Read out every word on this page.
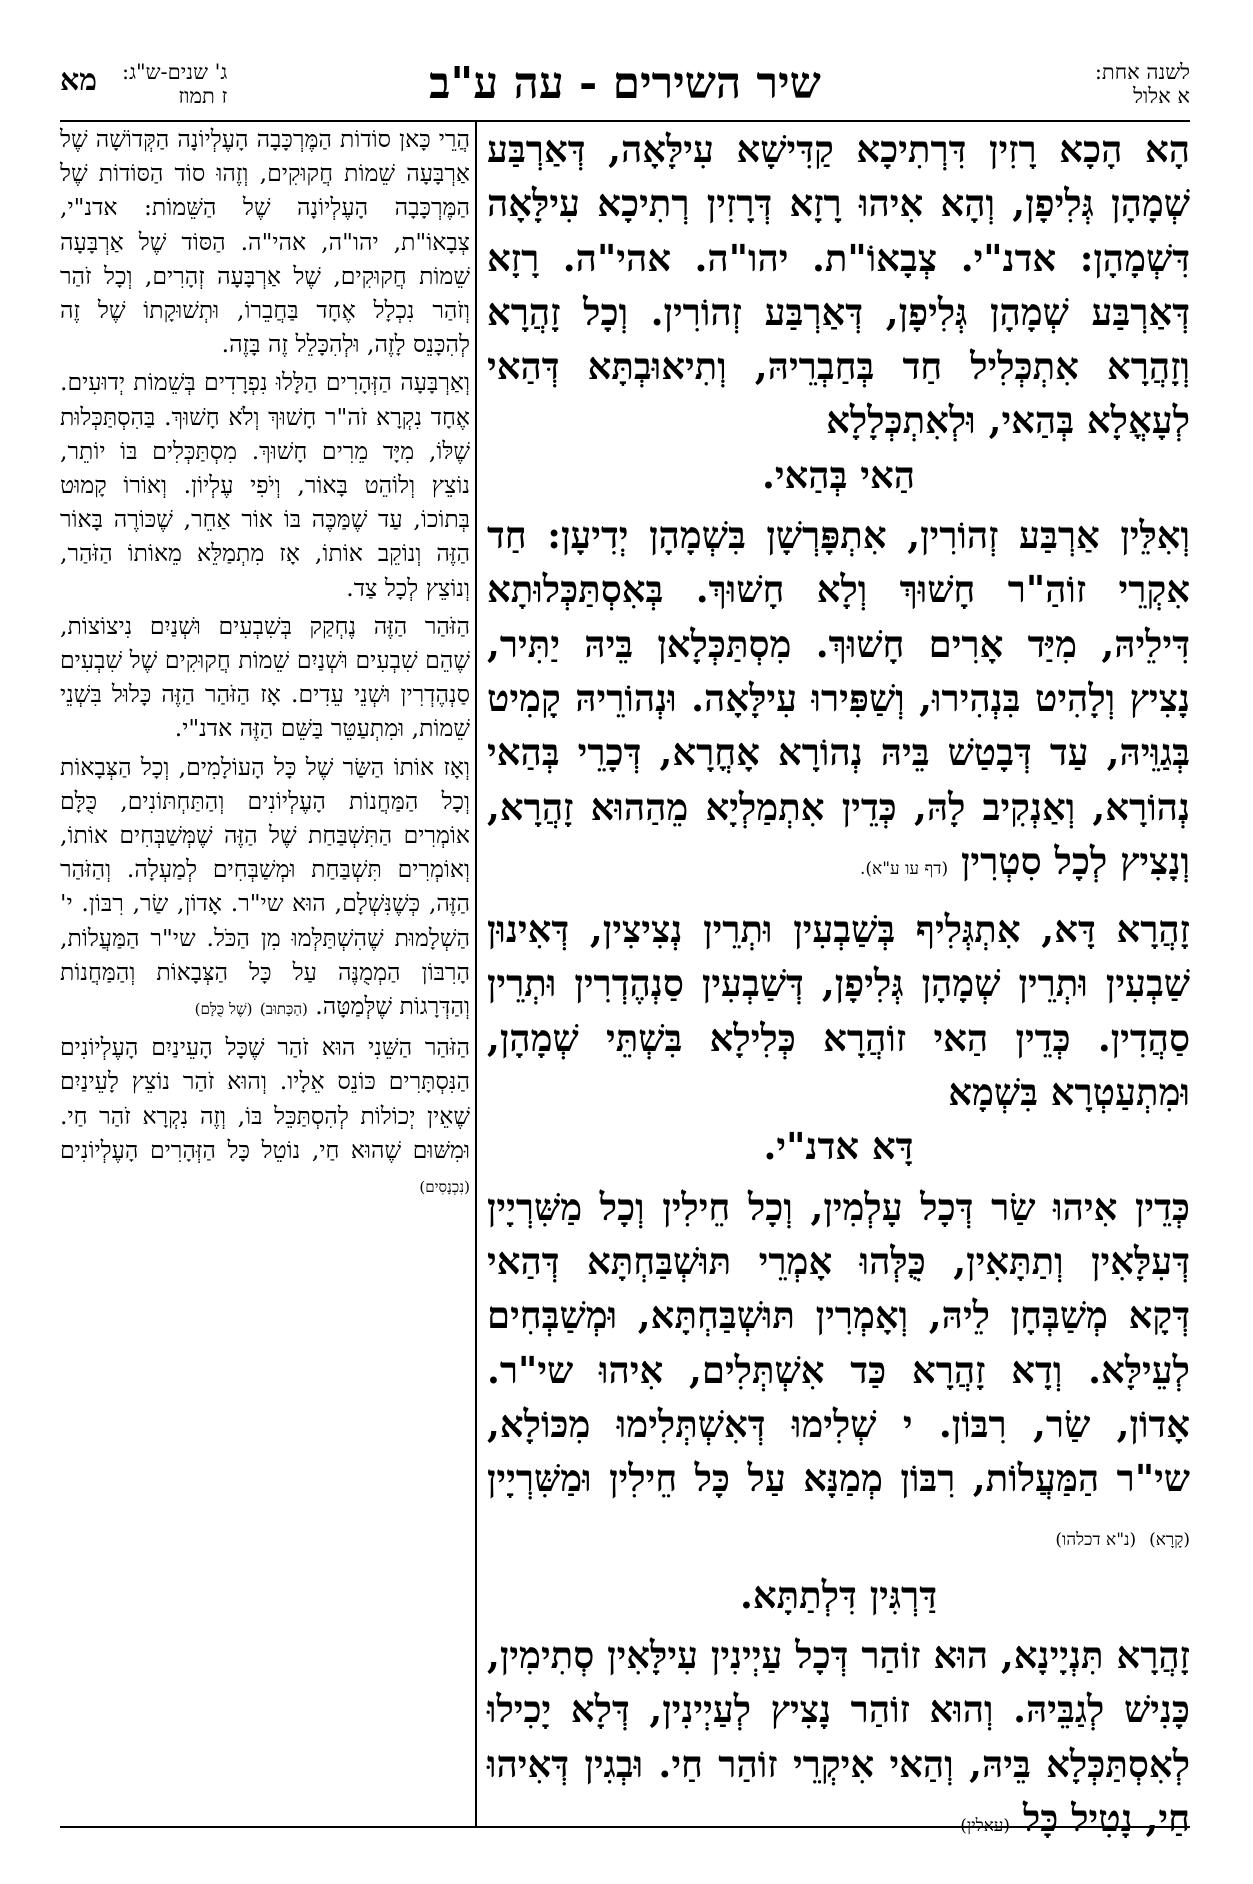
לשנה אחת:
א אלול
שיר השירים - עה ע"ב
ג' שנים-ש"ג:
ז תמוז
מא

הָא הָכָא רָזִין דִּרְתִיכָא קַדִּישָׁא עִילָּאָה, דְּאַרְבַּע שְׁמָהָן גְּלִיפָן, וְהָא אִיהוּ רָזָא דְּרָזִין רְתִיכָא עִילָּאָה דִּשְׁמָהָן: אדנ"י. צְבָאוֹ"ת. יהו"ה. אהי"ה. רָזָא דְּאַרְבַּע שְׁמָהָן גְּלִיפָן, דְּאַרְבַּע זְהוֹרִין. וְכָל זָהֲרָא וְזָהֲרָא אִתְכְּלִיל חַד בְּחַבְרֵיהּ, וְתִיאוּבְתָּא דְּהַאי לְעָאֳלָא בְּהַאי, וּלְאִתְכְּלָלָא
הַאי בְּהַאי.

וְאִלֵּין אַרְבַּע זְהוֹרִין, אִתְפָּרְשָׁן בִּשְׁמָהָן יְדִיעָן: חַד אִקְרֵי זוֹהַ"ר חָשׁוּךְ וְלָא חָשׁוּךְ. בְּאִסְתַּכְּלוּתָא דִּילֵיהּ, מִיַּד אָרִים חָשׁוּךְ. מִסְתַּכְּלָאן בֵּיהּ יַתִּיר, נָצִיץ וְלָהִיט בִּנְהִירוּ, וְשַׁפִּירוּ עִילָּאָה. וּנְהוֹרֵיהּ קָמִיט בְּגַוֵּיהּ, עַד דְּבָטַשׁ בֵּיהּ נְהוֹרָא אָחֳרָא, דְּכָרֵי בְּהַאי נְהוֹרָא, וְאַנְקִיב לָהּ, כְּדֵין אִתְמַלְיָא מֵהַהוּא זָהֲרָא, וְנָצִיץ לְכָל סִטְרִין (דף עו ע"א).

זָהֲרָא דָּא, אִתְגְּלִיף בְּשַׁבְעִין וּתְרֵין נְצִיצִין, דְּאִינוּן שַׁבְעִין וּתְרֵין שְׁמָהָן גְּלִיפָן, דְּשַׁבְעִין סַנְהֶדְרִין וּתְרֵין סַהֲדִין. כְּדֵין הַאי זוֹהֲרָא כְּלִילָא בִּשְׁתֵּי שְׁמָהָן, וּמִתְעַטְרָא בִּשְׁמָא
דָּא אדנ"י.

כְּדֵין אִיהוּ שַׂר דְּכָל עָלְמִין, וְכָל חֵילִין וְכָל מַשִּׁרְיָין דְּעִלָּאִין וְתַתָּאִין, כֻּלְּהוּ אָמְרֵי תּוּשְׁבַּחְתָּא דְּהַאי דְּקָא מְשַׁבְּחָן לֵיהּ, וְאָמְרִין תּוּשְׁבַּחְתָּא, וּמְשַׁבְּחִים לְעֵילָּא. וְדָא זָהֲרָא כַּד אִשְׁתְּלִים, אִיהוּ שי"ר. אָדוֹן, שַׂר, רִבּוֹן. י שְׁלִימוּ דְּאִשְׁתְּלִימוּ מִכּוֹלָא, שי"ר הַמַּעֲלוֹת, רִבּוֹן מְמַנָּא עַל כָּל חֵילִין וּמַשִּׁרְיָין (קָרָא) (נ"א דכלהו)
דַּרְגִּין דִּלְתַתָּא.

זָהֲרָא תִּנְיָינָא, הוּא זוֹהַר דְּכָל עַיְינִין עִילָּאִין סְתִימִין, כָּנִישׁ לְגַבֵּיהּ. וְהוּא זוֹהַר נָצִיץ לְעַיְינִין, דְּלָא יָכִילוּ לְאִסְתַּכְּלָא בֵּיהּ, וְהַאי אִיקְרֵי זוֹהַר חַי. וּבְגִין דְּאִיהוּ חַי, נָטִיל כָּל (עאלין)

הֲרֵי כָּאן סוֹדוֹת הַמֶּרְכָּבָה הָעֶלְיוֹנָה הַקְּדוֹשָׁה שֶׁל אַרְבָּעָה שֵׁמוֹת חֲקוּקִים, וְזֶהוּ סוֹד הַסּוֹדוֹת שֶׁל הַמֶּרְכָּבָה הָעֶלְיוֹנָה שֶׁל הַשֵּׁמוֹת: אדנ"י, צְבָאוֹ"ת, יהו"ה, אהי"ה. הַסּוֹד שֶׁל אַרְבָּעָה שֵׁמוֹת חֲקוּקִים, שֶׁל אַרְבָּעָה זְהָרִים, וְכָל זֹהַר וְזֹהַר נִכְלָל אֶחָד בַּחֲבֵרוֹ, וּתְשׁוּקָתוֹ שֶׁל זֶה לְהִכָּנֵס לָזֶה, וּלְהִכָּלֵל זֶה בָּזֶה.

וְאַרְבָּעָה הַזְּהָרִים הַלָּלוּ נִפְרָדִים בְּשֵׁמוֹת יְדוּעִים. אֶחָד נִקְרָא זֹה"ר חָשׁוּךְ וְלֹא חָשׁוּךְ. בַּהִסְתַּכְּלוּת שֶׁלּוֹ, מִיָּד מֵרִים חָשׁוּךְ. מִסְתַּכְּלִים בּוֹ יוֹתֵר, נוֹצֵץ וְלוֹהֵט בָּאוֹר, וְיֹפִי עֶלְיוֹן. וְאוֹרוֹ קָמוּט בְּתוֹכוֹ, עַד שֶׁמַּכֶּה בּוֹ אוֹר אַחֵר, שֶׁכּוֹרֶה בָּאוֹר הַזֶּה וְנוֹקֵב אוֹתוֹ, אָז מִתְמַלֵּא מֵאוֹתוֹ הַזֹּהַר, וְנוֹצֵץ לְכָל צַד.

הַזֹּהַר הַזֶּה נֶחְקַק בְּשִׁבְעִים וּשְׁנַיִם נִיצוֹצוֹת, שֶׁהֵם שִׁבְעִים וּשְׁנַיִם שֵׁמוֹת חֲקוּקִים שֶׁל שִׁבְעִים סַנְהֶדְרִין וּשְׁנֵי עֵדִים. אָז הַזֹּהַר הַזֶּה כָּלוּל בִּשְׁנֵי שֵׁמוֹת, וּמִתְעַטֵּר בַּשֵּׁם הַזֶּה אדנ"י.

וְאָז אוֹתוֹ הַשַּׂר שֶׁל כָּל הָעוֹלָמִים, וְכָל הַצְּבָאוֹת וְכָל הַמַּחֲנוֹת הָעֶלְיוֹנִים וְהַתַּחְתּוֹנִים, כֻּלָּם אוֹמְרִים הַתִּשְׁבַּחַת שֶׁל הַזֶּה שֶׁמְּשַׁבְּחִים אוֹתוֹ, וְאוֹמְרִים תִּשְׁבַּחַת וּמְשַׁבְּחִים לְמַעְלָה. וְהַזֹּהַר הַזֶּה, כְּשֶׁנִּשְׁלָם, הוּא שי"ר. אָדוֹן, שַׂר, רִבּוֹן. י' הַשְׁלָמוּת שֶׁהִשְׁתַּלְּמוּ מִן הַכֹּל. שי"ר הַמַּעֲלוֹת, הָרִבּוֹן הַמְמֻנֶּה עַל כָּל הַצְּבָאוֹת וְהַמַּחֲנוֹת וְהַדְּרָגוֹת שֶׁלְּמַטָּה. (הַכָּתוּב) (שֶׁל כֻּלָּם)

הַזֹּהַר הַשֵּׁנִי הוּא זֹהַר שֶׁכָּל הָעֵינַיִם הָעֶלְיוֹנִים הַנִּסְתָּרִים כּוֹנֵס אֵלָיו. וְהוּא זֹהַר נוֹצֵץ לָעֵינַיִם שֶׁאֵין יְכוֹלוֹת לְהִסְתַּכֵּל בּוֹ, וְזֶה נִקְרָא זֹהַר חַי. וּמִשּׁוּם שֶׁהוּא חַי, נוֹטֵל כָּל הַזְּהָרִים הָעֶלְיוֹנִים (נִכְנָסִים)
